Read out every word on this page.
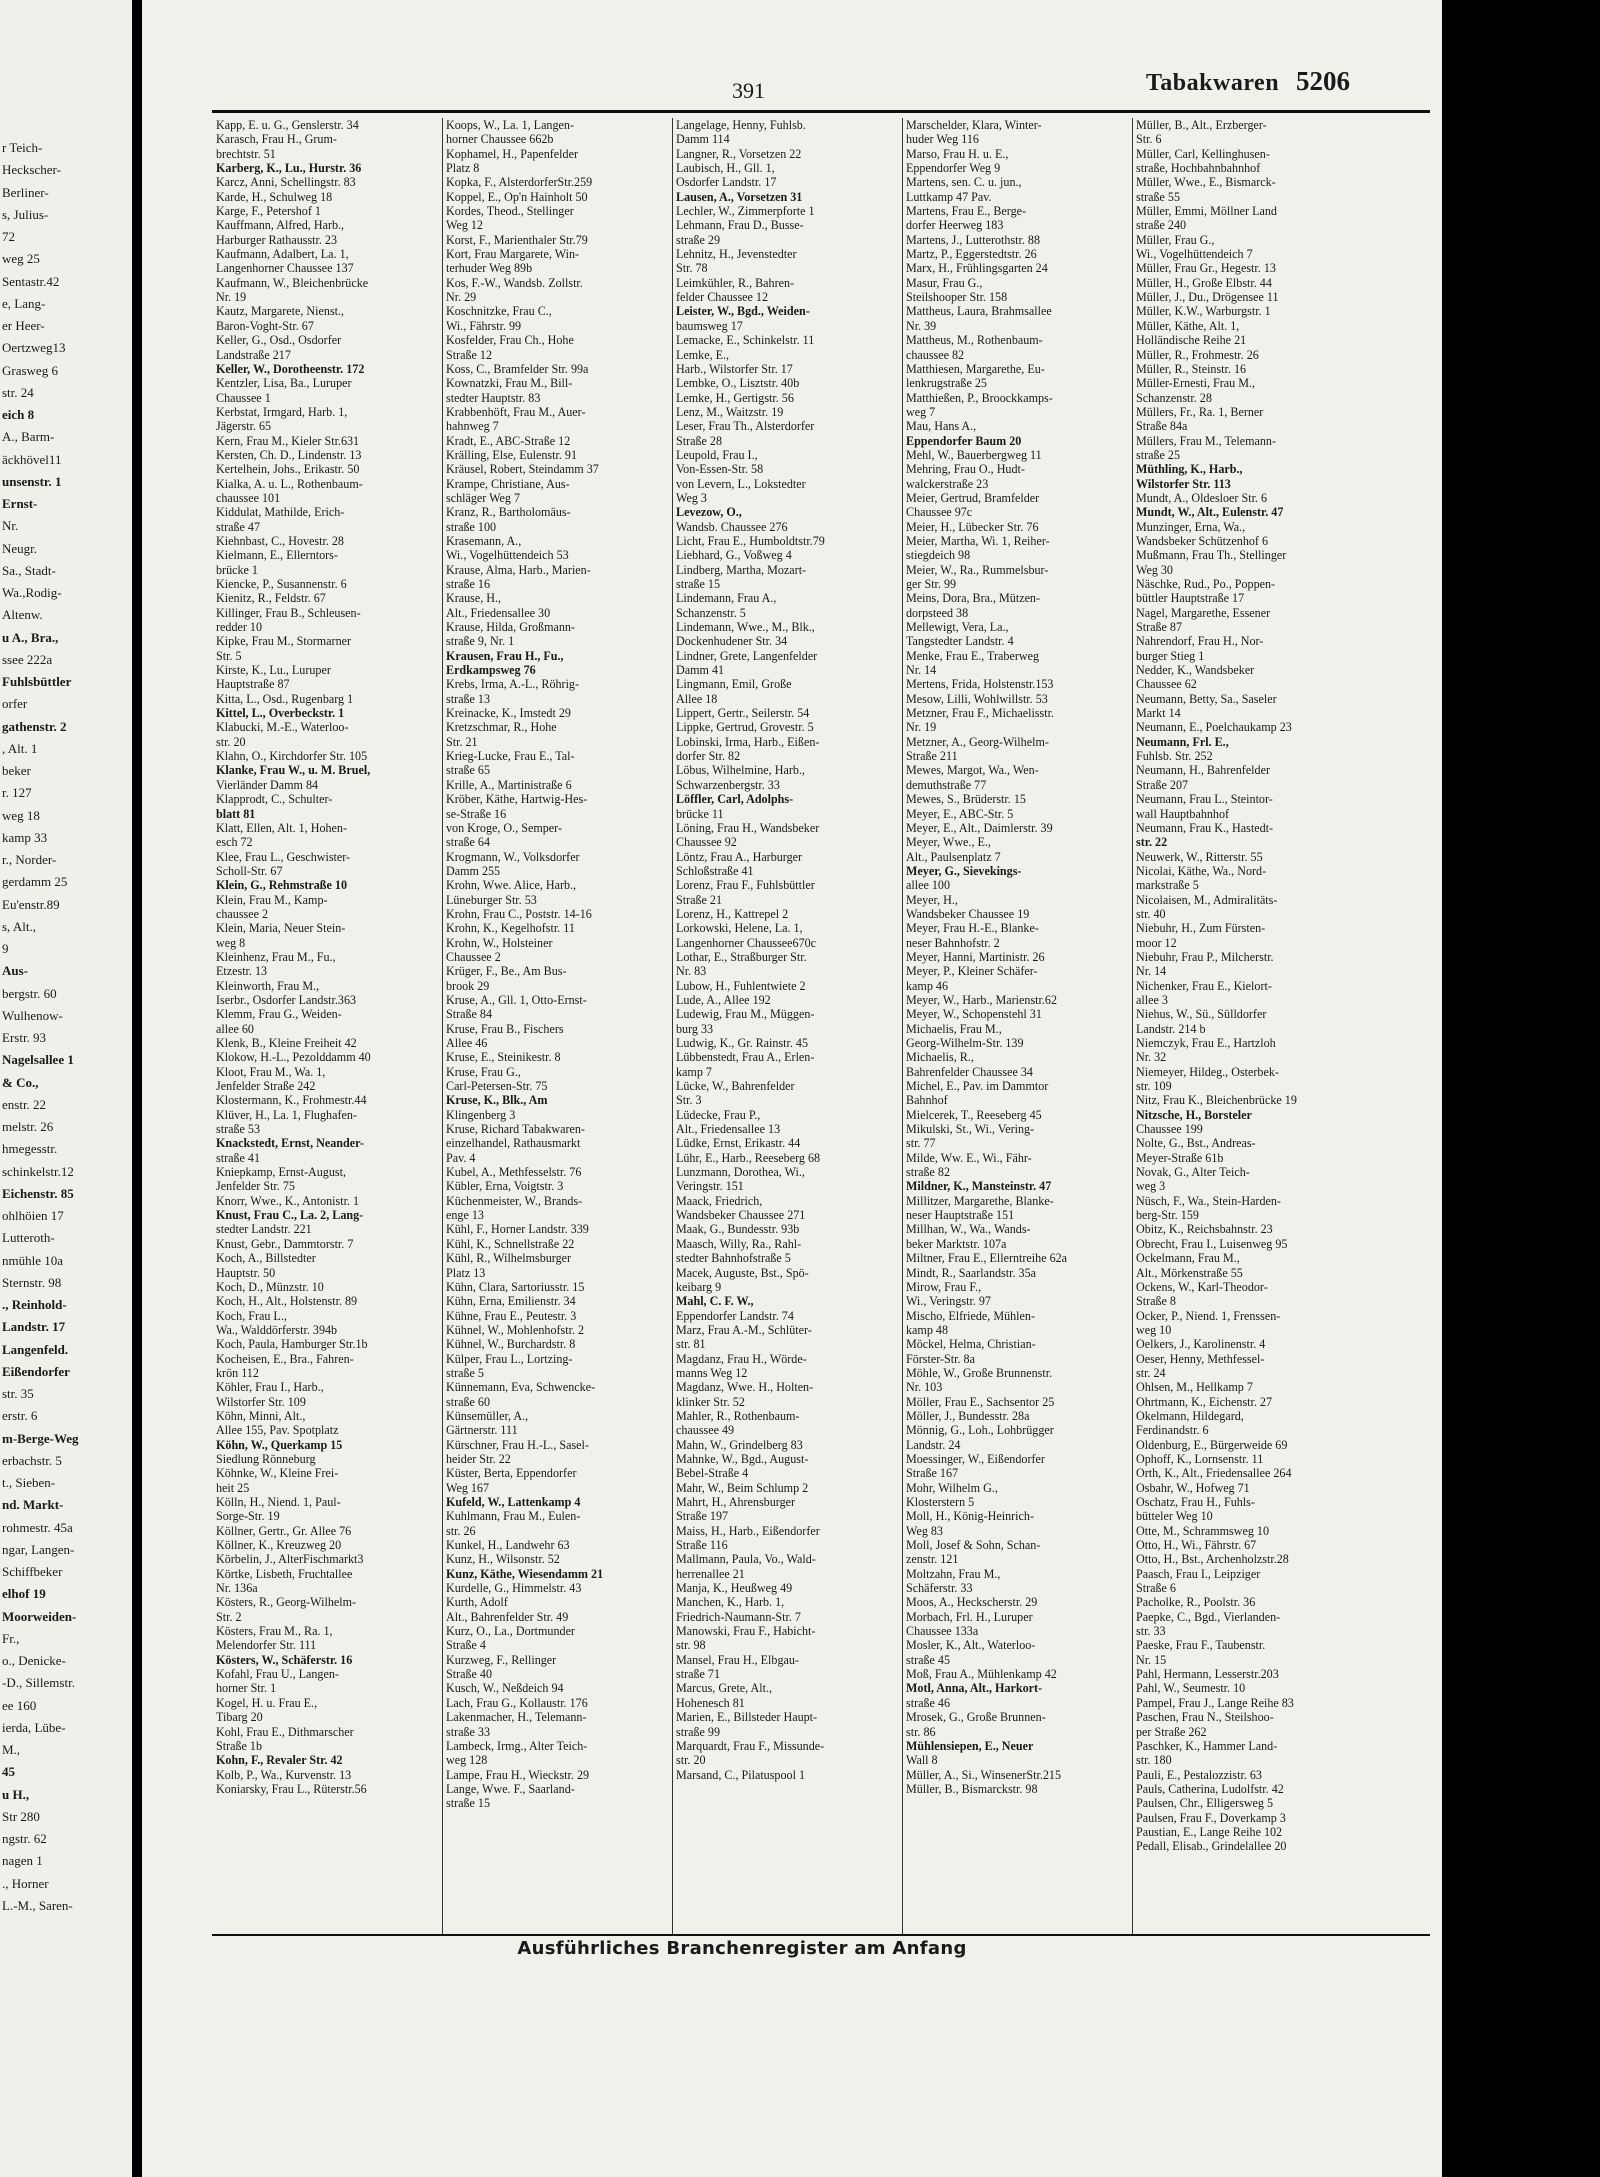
r Teich-
Heckscher-
Berliner-
s, Julius-
72
weg 25
Sentastr.42
e, Lang-
er Heer-
Oertzweg13
Grasweg 6
str. 24
eich 8
A., Barm-
äckhövel11
unsenstr. 1
Ernst-
Nr.
Neugr.
Sa., Stadt-
Wa.,Rodig-
Altenw.
u A., Bra.,
ssee 222a
Fuhlsbüttler
orfer
gathenstr. 2
, Alt. 1
beker
r. 127
weg 18
kamp 33
r., Norder-
gerdamm 25
Eu'enstr.89
s, Alt.,
9
Aus-
bergstr. 60
Wulhenow-
Erstr. 93
Nagelsallee 1
& Co.,
enstr. 22
melstr. 26
hmegesstr.
schinkelstr.12
Eichenstr. 85
ohlhöien 17
Lutteroth-
nmühle 10a
Sternstr. 98
., Reinhold-
Landstr. 17
Langenfeld.
Eißendorfer
str. 35
erstr. 6
m-Berge-Weg
erbachstr. 5
t., Sieben-
nd. Markt-
rohmestr. 45a
ngar, Langen-
Schiffbeker
elhof 19
Moorweiden-
Fr.,
o., Denicke-
-D., Sillemstr.
ee 160
ierda, Lübe-
M.,
45
u H.,
Str 280
ngstr. 62
nagen 1
., Horner
L.-M., Saren-
391	Tabakwaren 5206
Kapp, E. u. G., Genslerstr. 34
Karasch, Frau H., Grum-
brechtstr. 51
Karberg, K., Lu., Hurstr. 36
Karcz, Anni, Schellingstr. 83
Karde, H., Schulweg 18
Karge, F., Petershof 1
Kauffmann, Alfred, Harb.,
Harburger Rathausstr. 23
Kaufmann, Adalbert, La. 1,
Langenhorner Chaussee 137
Kaufmann, W., Bleichenbrücke
Nr. 19
Kautz, Margarete, Nienst.,
Baron-Voght-Str. 67
Keller, G., Osd., Osdorfer
Landstraße 217
Keller, W., Dorotheenstr. 172
Kentzler, Lisa, Ba., Luruper
Chaussee 1
Kerbstat, Irmgard, Harb. 1,
Jägerstr. 65
Kern, Frau M., Kieler Str.631
Kersten, Ch. D., Lindenstr. 13
Kertelhein, Johs., Erikastr. 50
Kialka, A. u. L., Rothenbaum-
chaussee 101
Kiddulat, Mathilde, Erich-
straße 47
Kiehnbast, C., Hovestr. 28
Kielmann, E., Ellerntors-
brücke 1
Kiencke, P., Susannenstr. 6
Kienitz, R., Feldstr. 67
Killinger, Frau B., Schleusen-
redder 10
Kipke, Frau M., Stormarner
Str. 5
Kirste, K., Lu., Luruper
Hauptstraße 87
Kitta, L., Osd., Rugenbarg 1
Kittel, L., Overbeckstr. 1
Klabucki, M.-E., Waterloo-
str. 20
Klahn, O., Kirchdorfer Str. 105
Klanke, Frau W., u. M. Bruel,
Vierländer Damm 84
Klapprodt, C., Schulter-
blatt 81
Klatt, Ellen, Alt. 1, Hohen-
esch 72
Klee, Frau L., Geschwister-
Scholl-Str. 67
Klein, G., Rehmstraße 10
Klein, Frau M., Kamp-
chaussee 2
Klein, Maria, Neuer Stein-
weg 8
Kleinhenz, Frau M., Fu.,
Etzestr. 13
Kleinworth, Frau M.,
Iserbr., Osdorfer Landstr.363
Klemm, Frau G., Weiden-
allee 60
Klenk, B., Kleine Freiheit 42
Klokow, H.-L., Pezolddamm 40
Kloot, Frau M., Wa. 1,
Jenfelder Straße 242
Klostermann, K., Frohmestr.44
Klüver, H., La. 1, Flughafen-
straße 53
Knackstedt, Ernst, Neander-
straße 41
Kniepkamp, Ernst-August,
Jenfelder Str. 75
Knorr, Wwe., K., Antonistr. 1
Knust, Frau C., La. 2, Lang-
stedter Landstr. 221
Knust, Gebr., Dammtorstr. 7
Koch, A., Billstedter
Hauptstr. 50
Koch, D., Münzstr. 10
Koch, H., Alt., Holstenstr. 89
Koch, Frau L.,
Wa., Walddörferstr. 394b
Koch, Paula, Hamburger Str.1b
Kocheisen, E., Bra., Fahren-
krön 112
Köhler, Frau I., Harb.,
Wilstorfer Str. 109
Köhn, Minni, Alt.,
Allee 155, Pav. Spotplatz
Köhn, W., Querkamp 15
Siedlung Rönneburg
Köhnke, W., Kleine Frei-
heit 25
Kölln, H., Niend. 1, Paul-
Sorge-Str. 19
Köllner, Gertr., Gr. Allee 76
Köllner, K., Kreuzweg 20
Körbelin, J., AlterFischmarkt3
Körtke, Lisbeth, Fruchtallee
Nr. 136a
Kösters, R., Georg-Wilhelm-
Str. 2
Kösters, Frau M., Ra. 1,
Melendorfer Str. 111
Kösters, W., Schäferstr. 16
Kofahl, Frau U., Langen-
horner Str. 1
Kogel, H. u. Frau E.,
Tibarg 20
Kohl, Frau E., Dithmarscher
Straße 1b
Kohn, F., Revaler Str. 42
Kolb, P., Wa., Kurvenstr. 13
Koniarsky, Frau L., Rüterstr.56
Koops, W., La. 1, Langen-
horner Chaussee 662b
Kophamel, H., Papenfelder
Platz 8
Kopka, F., AlsterdorferStr.259
Koppel, E., Op'n Hainholt 50
Kordes, Theod., Stellinger
Weg 12
Korst, F., Marienthaler Str.79
Kort, Frau Margarete, Win-
terhuder Weg 89b
Kos, F.-W., Wandsb. Zollstr.
Nr. 29
Koschnitzke, Frau C.,
Wi., Fährstr. 99
Kosfelder, Frau Ch., Hohe
Straße 12
Koss, C., Bramfelder Str. 99a
Kownatzki, Frau M., Bill-
stedter Hauptstr. 83
Krabbenhöft, Frau M., Auer-
hahnweg 7
Kradt, E., ABC-Straße 12
Krälling, Else, Eulenstr. 91
Kräusel, Robert, Steindamm 37
Krampe, Christiane, Aus-
schläger Weg 7
Kranz, R., Bartholomäus-
straße 100
Krasemann, A.,
Wi., Vogelhüttendeich 53
Krause, Alma, Harb., Marien-
straße 16
Krause, H.,
Alt., Friedensallee 30
Krause, Hilda, Großmann-
straße 9, Nr. 1
Krausen, Frau H., Fu.,
Erdkampsweg 76
Krebs, Irma, A.-L., Röhrig-
straße 13
Kreinacke, K., Imstedt 29
Kretzschmar, R., Hohe
Str. 21
Krieg-Lucke, Frau E., Tal-
straße 65
Krille, A., Martinistraße 6
Kröber, Käthe, Hartwig-Hes-
se-Straße 16
von Kroge, O., Semper-
straße 64
Krogmann, W., Volksdorfer
Damm 255
Krohn, Wwe. Alice, Harb.,
Lüneburger Str. 53
Krohn, Frau C., Poststr. 14-16
Krohn, K., Kegelhofstr. 11
Krohn, W., Holsteiner
Chaussee 2
Krüger, F., Be., Am Bus-
brook 29
Kruse, A., Gll. 1, Otto-Ernst-
Straße 84
Kruse, Frau B., Fischers
Allee 46
Kruse, E., Steinikestr. 8
Kruse, Frau G.,
Carl-Petersen-Str. 75
Kruse, K., Blk., Am
Klingenberg 3
Kruse, Richard Tabakwaren-
einzelhandel, Rathausmarkt
Pav. 4
Kubel, A., Methfesselstr. 76
Kübler, Erna, Voigtstr. 3
Küchenmeister, W., Brands-
enge 13
Kühl, F., Horner Landstr. 339
Kühl, K., Schnellstraße 22
Kühl, R., Wilhelmsburger
Platz 13
Kühn, Clara, Sartoriusstr. 15
Kühn, Erna, Emilienstr. 34
Kühne, Frau E., Peutestr. 3
Kühnel, W., Mohlenhofstr. 2
Kühnel, W., Burchardstr. 8
Külper, Frau L., Lortzing-
straße 5
Künnemann, Eva, Schwencke-
straße 60
Künsemüller, A.,
Gärtnerstr. 111
Kürschner, Frau H.-L., Sasel-
heider Str. 22
Küster, Berta, Eppendorfer
Weg 167
Kufeld, W., Lattenkamp 4
Kuhlmann, Frau M., Eulen-
str. 26
Kunkel, H., Landwehr 63
Kunz, H., Wilsonstr. 52
Kunz, Käthe, Wiesendamm 21
Kurdelle, G., Himmelstr. 43
Kurth, Adolf
Alt., Bahrenfelder Str. 49
Kurz, O., La., Dortmunder
Straße 4
Kurzweg, F., Rellinger
Straße 40
Kusch, W., Neßdeich 94
Lach, Frau G., Kollaustr. 176
Lakenmacher, H., Telemann-
straße 33
Lambeck, Irmg., Alter Teich-
weg 128
Lampe, Frau H., Wieckstr. 29
Lange, Wwe. F., Saarland-
straße 15
Langelage, Henny, Fuhlsb.
Damm 114
Langner, R., Vorsetzen 22
Laubisch, H., Gll. 1,
Osdorfer Landstr. 17
Lausen, A., Vorsetzen 31
Lechler, W., Zimmerpforte 1
Lehmann, Frau D., Busse-
straße 29
Lehnitz, H., Jevenstedter
Str. 78
Leimkühler, R., Bahren-
felder Chaussee 12
Leister, W., Bgd., Weiden-
baumsweg 17
Lemacke, E., Schinkelstr. 11
Lemke, E.,
Harb., Wilstorfer Str. 17
Lembke, O., Lisztstr. 40b
Lemke, H., Gertigstr. 56
Lenz, M., Waitzstr. 19
Leser, Frau Th., Alsterdorfer
Straße 28
Leupold, Frau I.,
Von-Essen-Str. 58
von Levern, L., Lokstedter
Weg 3
Levezow, O.,
Wandsb. Chaussee 276
Licht, Frau E., Humboldtstr.79
Liebhard, G., Voßweg 4
Lindberg, Martha, Mozart-
straße 15
Lindemann, Frau A.,
Schanzenstr. 5
Lindemann, Wwe., M., Blk.,
Dockenhudener Str. 34
Lindner, Grete, Langenfelder
Damm 41
Lingmann, Emil, Große
Allee 18
Lippert, Gertr., Seilerstr. 54
Lippke, Gertrud, Grovestr. 5
Lobinski, Irma, Harb., Eißen-
dorfer Str. 82
Löbus, Wilhelmine, Harb.,
Schwarzenbergstr. 33
Löffler, Carl, Adolphs-
brücke 11
Löning, Frau H., Wandsbeker
Chaussee 92
Löntz, Frau A., Harburger
Schloßstraße 41
Lorenz, Frau F., Fuhlsbüttler
Straße 21
Lorenz, H., Kattrepel 2
Lorkowski, Helene, La. 1,
Langenhorner Chaussee670c
Lothar, E., Straßburger Str.
Nr. 83
Lubow, H., Fuhlentwiete 2
Lude, A., Allee 192
Ludewig, Frau M., Müggen-
burg 33
Ludwig, K., Gr. Rainstr. 45
Lübbenstedt, Frau A., Erlen-
kamp 7
Lücke, W., Bahrenfelder
Str. 3
Lüdecke, Frau P.,
Alt., Friedensallee 13
Lüdke, Ernst, Erikastr. 44
Lühr, E., Harb., Reeseberg 68
Lunzmann, Dorothea, Wi.,
Veringstr. 151
Maack, Friedrich,
Wandsbeker Chaussee 271
Maak, G., Bundesstr. 93b
Maasch, Willy, Ra., Rahl-
stedter Bahnhofstraße 5
Macek, Auguste, Bst., Spö-
keibarg 9
Mahl, C. F. W.,
Eppendorfer Landstr. 74
Marz, Frau A.-M., Schlüter-
str. 81
Magdanz, Frau H., Wörde-
manns Weg 12
Magdanz, Wwe. H., Holten-
klinker Str. 52
Mahler, R., Rothenbaum-
chaussee 49
Mahn, W., Grindelberg 83
Mahnke, W., Bgd., August-
Bebel-Straße 4
Mahr, W., Beim Schlump 2
Mahrt, H., Ahrensburger
Straße 197
Maiss, H., Harb., Eißendorfer
Straße 116
Mallmann, Paula, Vo., Wald-
herrenallee 21
Manja, K., Heußweg 49
Manchen, K., Harb. 1,
Friedrich-Naumann-Str. 7
Manowski, Frau F., Habicht-
str. 98
Mansel, Frau H., Elbgau-
straße 71
Marcus, Grete, Alt.,
Hohenesch 81
Marien, E., Billsteder Haupt-
straße 99
Marquardt, Frau F., Missunde-
str. 20
Marsand, C., Pilatuspool 1
Marschelder, Klara, Winter-
huder Weg 116
Marso, Frau H. u. E.,
Eppendorfer Weg 9
Martens, sen. C. u. jun.,
Luttkamp 47 Pav.
Martens, Frau E., Berge-
dorfer Heerweg 183
Martens, J., Lutterothstr. 88
Martz, P., Eggerstedtstr. 26
Marx, H., Frühlingsgarten 24
Masur, Frau G.,
Steilshooper Str. 158
Mattheus, Laura, Brahmsallee
Nr. 39
Mattheus, M., Rothenbaum-
chaussee 82
Matthiesen, Margarethe, Eu-
lenkrugstraße 25
Matthießen, P., Broockkamps-
weg 7
Mau, Hans A.,
Eppendorfer Baum 20
Mehl, W., Bauerbergweg 11
Mehring, Frau O., Hudt-
walckerstraße 23
Meier, Gertrud, Bramfelder
Chaussee 97c
Meier, H., Lübecker Str. 76
Meier, Martha, Wi. 1, Reiher-
stiegdeich 98
Meier, W., Ra., Rummelsbur-
ger Str. 99
Meins, Dora, Bra., Mützen-
dorpsteed 38
Mellewigt, Vera, La.,
Tangstedter Landstr. 4
Menke, Frau E., Traberweg
Nr. 14
Mertens, Frida, Holstenstr.153
Mesow, Lilli, Wohlwillstr. 53
Metzner, Frau F., Michaelisstr.
Nr. 19
Metzner, A., Georg-Wilhelm-
Straße 211
Mewes, Margot, Wa., Wen-
demuthstraße 77
Mewes, S., Brüderstr. 15
Meyer, E., ABC-Str. 5
Meyer, E., Alt., Daimlerstr. 39
Meyer, Wwe., E.,
Alt., Paulsenplatz 7
Meyer, G., Sievekings-
allee 100
Meyer, H.,
Wandsbeker Chaussee 19
Meyer, Frau H.-E., Blanke-
neser Bahnhofstr. 2
Meyer, Hanni, Martinistr. 26
Meyer, P., Kleiner Schäfer-
kamp 46
Meyer, W., Harb., Marienstr.62
Meyer, W., Schopenstehl 31
Michaelis, Frau M.,
Georg-Wilhelm-Str. 139
Michaelis, R.,
Bahrenfelder Chaussee 34
Michel, E., Pav. im Dammtor
Bahnhof
Mielcerek, T., Reeseberg 45
Mikulski, St., Wi., Vering-
str. 77
Milde, Ww. E., Wi., Fähr-
straße 82
Mildner, K., Mansteinstr. 47
Millitzer, Margarethe, Blanke-
neser Hauptstraße 151
Millhan, W., Wa., Wands-
beker Marktstr. 107a
Miltner, Frau E., Ellerntreihe 62a
Mindt, R., Saarlandstr. 35a
Mirow, Frau F.,
Wi., Veringstr. 97
Mischo, Elfriede, Mühlen-
kamp 48
Möckel, Helma, Christian-
Förster-Str. 8a
Möhle, W., Große Brunnenstr.
Nr. 103
Möller, Frau E., Sachsentor 25
Möller, J., Bundesstr. 28a
Mönnig, G., Loh., Lohbrügger
Landstr. 24
Moessinger, W., Eißendorfer
Straße 167
Mohr, Wilhelm G.,
Klosterstern 5
Moll, H., König-Heinrich-
Weg 83
Moll, Josef & Sohn, Schan-
zenstr. 121
Moltzahn, Frau M.,
Schäferstr. 33
Moos, A., Heckscherstr. 29
Morbach, Frl. H., Luruper
Chaussee 133a
Mosler, K., Alt., Waterloo-
straße 45
Moß, Frau A., Mühlenkamp 42
Motl, Anna, Alt., Harkort-
straße 46
Mrosek, G., Große Brunnen-
str. 86
Mühlensiepen, E., Neuer
Wall 8
Müller, A., Si., WinsenerStr.215
Müller, B., Bismarckstr. 98
Müller, B., Alt., Erzberger-
Str. 6
Müller, Carl, Kellinghusen-
straße, Hochbahnbahnhof
Müller, Wwe., E., Bismarck-
straße 55
Müller, Emmi, Möllner Land
straße 240
Müller, Frau G.,
Wi., Vogelhüttendeich 7
Müller, Frau Gr., Hegestr. 13
Müller, H., Große Elbstr. 44
Müller, J., Du., Drögensee 11
Müller, K.W., Warburgstr. 1
Müller, Käthe, Alt. 1,
Holländische Reihe 21
Müller, R., Frohmestr. 26
Müller, R., Steinstr. 16
Müller-Ernesti, Frau M.,
Schanzenstr. 28
Müllers, Fr., Ra. 1, Berner
Straße 84a
Müllers, Frau M., Telemann-
straße 25
Müthling, K., Harb.,
Wilstorfer Str. 113
Mundt, A., Oldesloer Str. 6
Mundt, W., Alt., Eulenstr. 47
Munzinger, Erna, Wa.,
Wandsbeker Schützenhof 6
Mußmann, Frau Th., Stellinger
Weg 30
Näschke, Rud., Po., Poppen-
büttler Hauptstraße 17
Nagel, Margarethe, Essener
Straße 87
Nahrendorf, Frau H., Nor-
burger Stieg 1
Nedder, K., Wandsbeker
Chaussee 62
Neumann, Betty, Sa., Saseler
Markt 14
Neumann, E., Poelchaukamp 23
Neumann, Frl. E.,
Fuhlsb. Str. 252
Neumann, H., Bahrenfelder
Straße 207
Neumann, Frau L., Steintor-
wall Hauptbahnhof
Neumann, Frau K., Hastedt-
str. 22
Neuwerk, W., Ritterstr. 55
Nicolai, Käthe, Wa., Nord-
markstraße 5
Nicolaisen, M., Admiralitäts-
str. 40
Niebuhr, H., Zum Fürsten-
moor 12
Niebuhr, Frau P., Milcherstr.
Nr. 14
Nichenker, Frau E., Kielort-
allee 3
Niehus, W., Sü., Sülldorfer
Landstr. 214 b
Niemczyk, Frau E., Hartzloh
Nr. 32
Niemeyer, Hildeg., Osterbek-
str. 109
Nitz, Frau K., Bleichenbrücke 19
Nitzsche, H., Borsteler
Chaussee 199
Nolte, G., Bst., Andreas-
Meyer-Straße 61b
Novak, G., Alter Teich-
weg 3
Nüsch, F., Wa., Stein-Harden-
berg-Str. 159
Obitz, K., Reichsbahnstr. 23
Obrecht, Frau I., Luisenweg 95
Ockelmann, Frau M.,
Alt., Mörkenstraße 55
Ockens, W., Karl-Theodor-
Straße 8
Ocker, P., Niend. 1, Frenssen-
weg 10
Oelkers, J., Karolinenstr. 4
Oeser, Henny, Methfessel-
str. 24
Ohlsen, M., Hellkamp 7
Ohrtmann, K., Eichenstr. 27
Okelmann, Hildegard,
Ferdinandstr. 6
Oldenburg, E., Bürgerweide 69
Ophoff, K., Lornsenstr. 11
Orth, K., Alt., Friedensallee 264
Osbahr, W., Hofweg 71
Oschatz, Frau H., Fuhls-
bütteler Weg 10
Otte, M., Schrammsweg 10
Otto, H., Wi., Fährstr. 67
Otto, H., Bst., Archenholzstr.28
Paasch, Frau I., Leipziger
Straße 6
Pacholke, R., Poolstr. 36
Paepke, C., Bgd., Vierlanden-
str. 33
Paeske, Frau F., Taubenstr.
Nr. 15
Pahl, Hermann, Lesserstr.203
Pahl, W., Seumestr. 10
Pampel, Frau J., Lange Reihe 83
Paschen, Frau N., Steilshoo-
per Straße 262
Paschker, K., Hammer Land-
str. 180
Pauli, E., Pestalozzistr. 63
Pauls, Catherina, Ludolfstr. 42
Paulsen, Chr., Elligersweg 5
Paulsen, Frau F., Doverkamp 3
Paustian, E., Lange Reihe 102
Pedall, Elisab., Grindelallee 20
Ausführliches Branchenregister am Anfang
